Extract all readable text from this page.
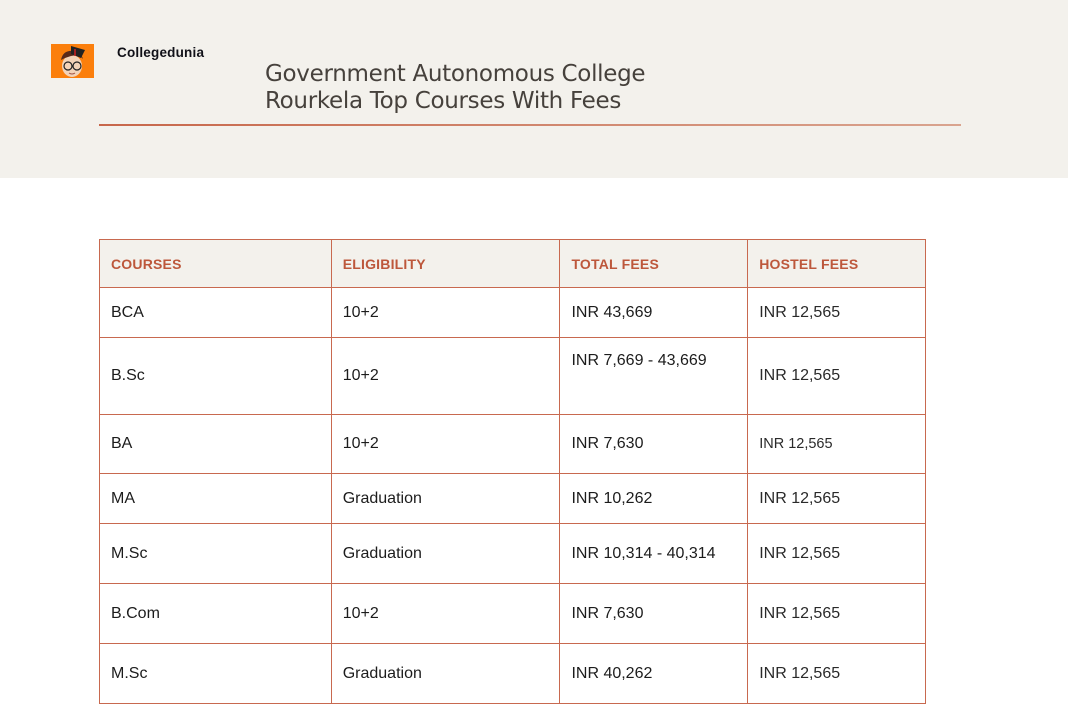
Collegedunia
Government Autonomous College
Rourkela Top Courses With Fees
COURSES	ELIGIBILITY	TOTAL FEES	HOSTEL FEES
BCA	10+2	INR 43,669	INR 12,565
B.Sc	10+2	INR 7,669 - 43,669	INR 12,565
BA	10+2	INR 7,630	INR 12,565
MA	Graduation	INR 10,262	INR 12,565
M.Sc	Graduation	INR 10,314 - 40,314	INR 12,565
B.Com	10+2	INR 7,630	INR 12,565
M.Sc	Graduation	INR 40,262	INR 12,565
